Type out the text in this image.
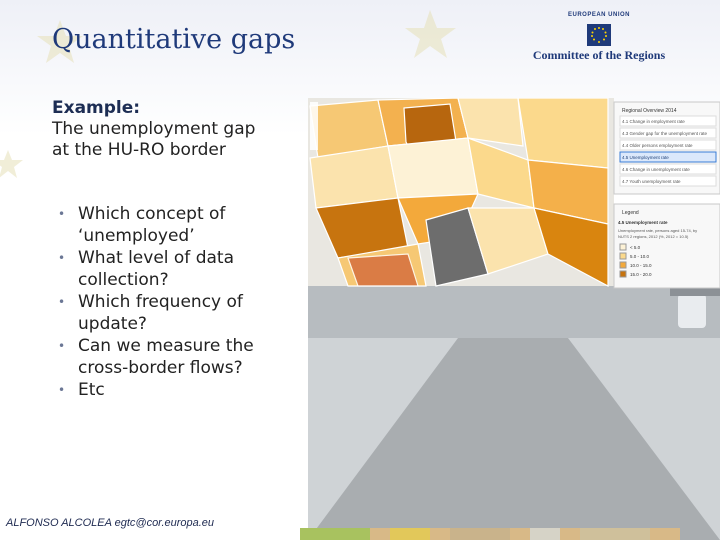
Quantitative gaps
EUROPEAN UNION
Committee of the Regions
Example:
The unemployment gap
at the HU-RO border
• Which concept of
‘unemployed’
• What level of data
collection?
• Which frequency of
update?
• Can we measure the
cross-border flows?
• Etc
Regional Overview 2014
4.1 Change in employment rate
4.3 Gender gap for the unemployment rate
4.4 Older persons employment rate
4.5 Unemployment rate
4.6 Change in unemployment rate
4.7 Youth unemployment rate
Legend
4.5 Unemployment rate
Unemployment rate, persons aged 15-74, by
NUTS 2 regions, 2012 (%, 2012 = 10.5)
< 5.0
5.0 - 10.0
10.0 - 15.0
15.0 - 20.0
ALFONSO ALCOLEA egtc@cor.europa.eu
